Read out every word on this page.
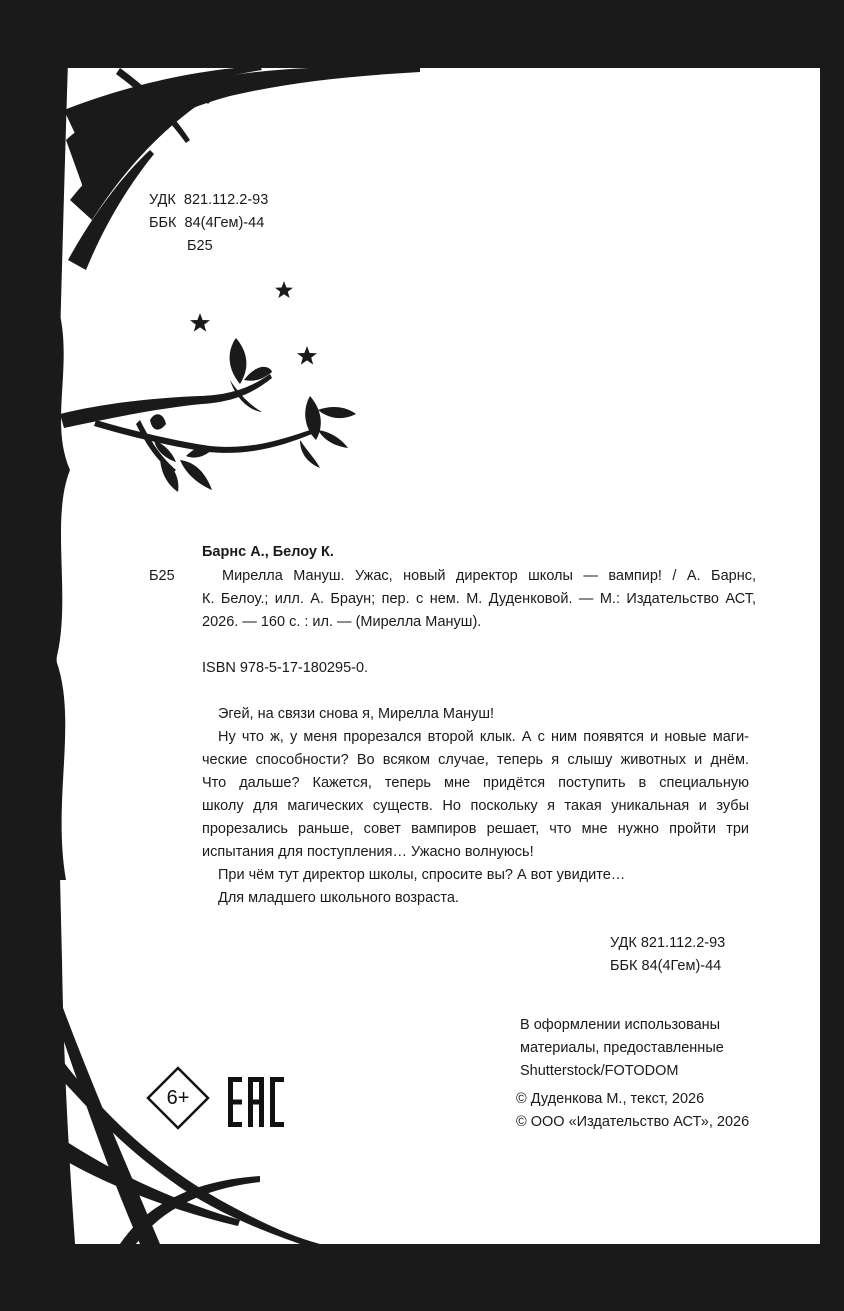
УДК  821.112.2-93
ББК  84(4Гем)-44
Б25
Барнс А., Белоу К.
Б25	Мирелла Мануш. Ужас, новый директор школы — вампир! / А. Барнс,
К. Белоу.; илл. А. Браун; пер. с нем. М. Дуденковой. — М.: Издательство АСТ,
2026. — 160 с. : ил. — (Мирелла Мануш).
ISBN 978-5-17-180295-0.
Эгей, на связи снова я, Мирелла Мануш!
Ну что ж, у меня прорезался второй клык. А с ним появятся и новые маги-
ческие способности? Во всяком случае, теперь я слышу животных и днём.
Что дальше? Кажется, теперь мне придётся поступить в специальную
школу для магических существ. Но поскольку я такая уникальная и зубы
прорезались раньше, совет вампиров решает, что мне нужно пройти три
испытания для поступления… Ужасно волнуюсь!
При чём тут директор школы, спросите вы? А вот увидите…
Для младшего школьного возраста.
УДК 821.112.2-93
ББК 84(4Гем)-44
В оформлении использованы
материалы, предоставленные
Shutterstock/FOTODOM
© Дуденкова М., текст, 2026
© ООО «Издательство АСТ», 2026
6+
